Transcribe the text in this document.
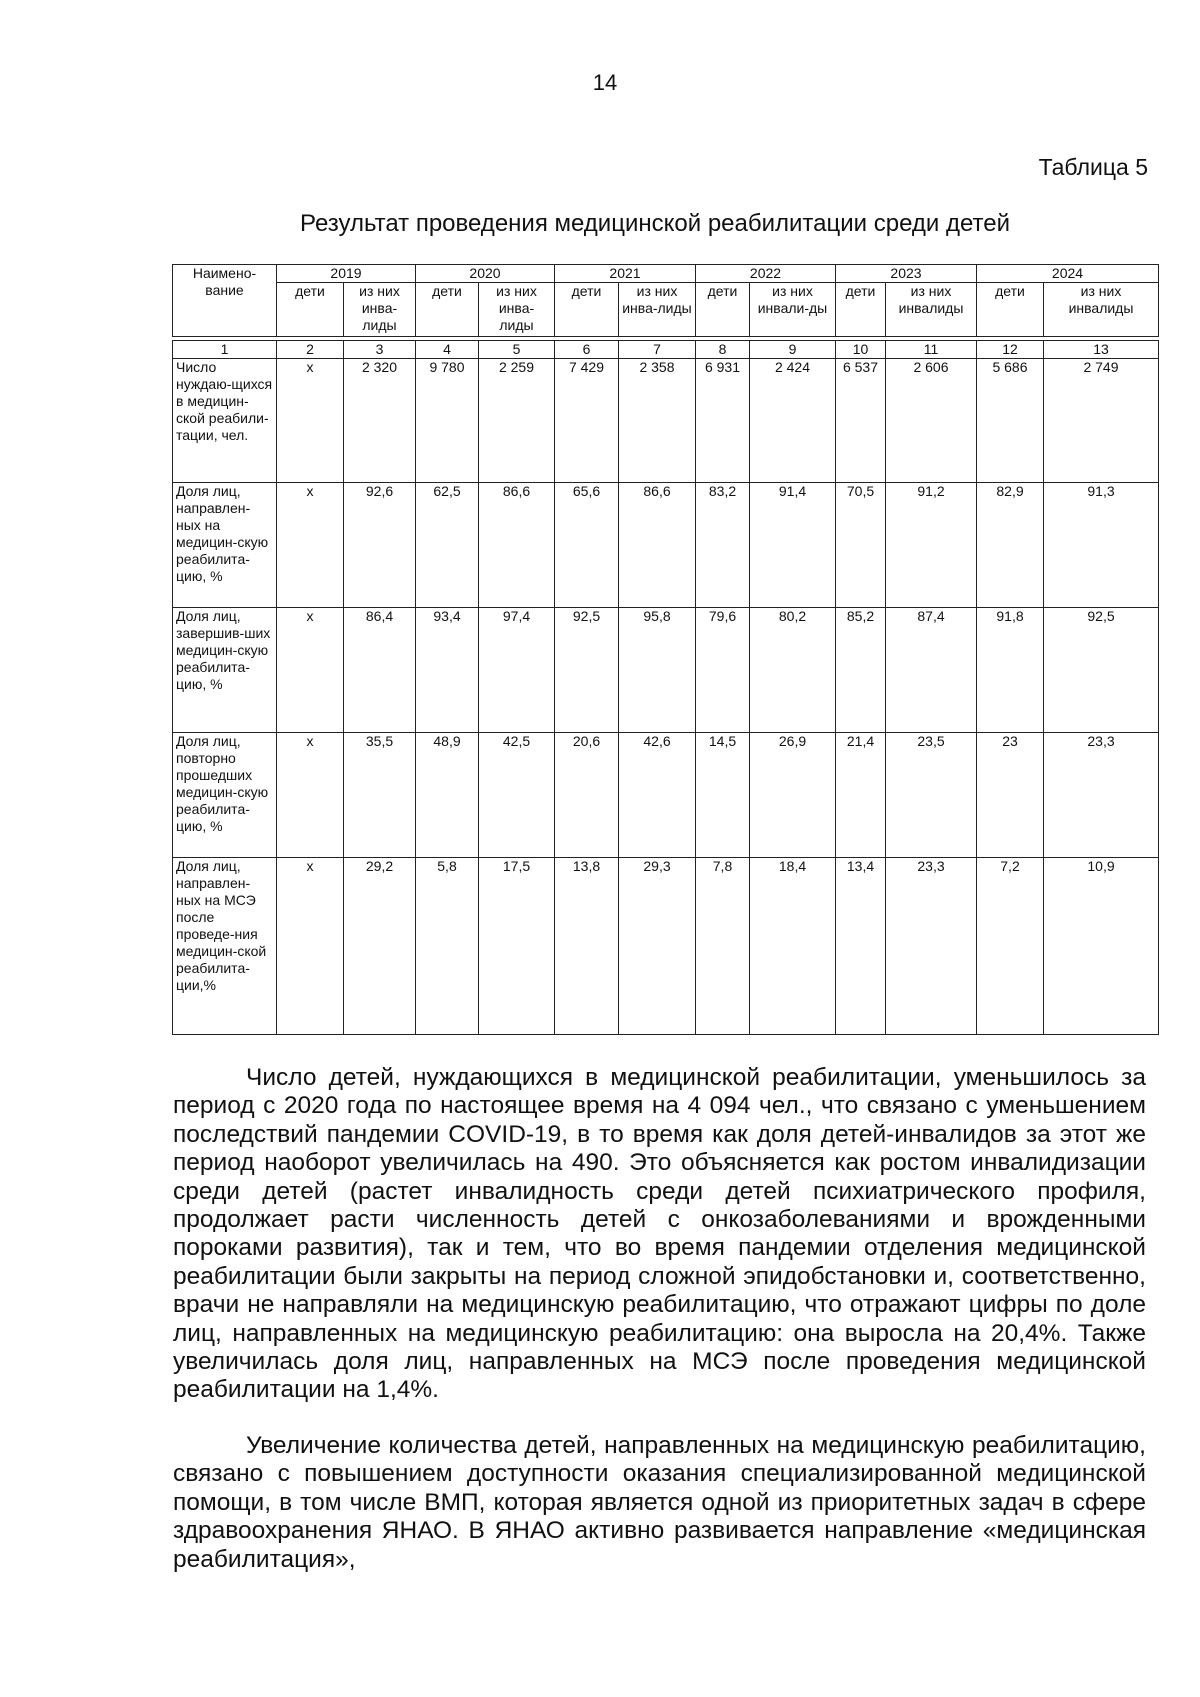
14
Таблица 5
Результат проведения медицинской реабилитации среди детей
Наимено-вание	2019		2020		2021		2022		2023		2024	
	дети	из них инва-лиды	дети	из них инва-лиды	дети	из них инва-лиды	дети	из них инвали-ды	дети	из них инвалиды	дети	из них инвалиды
1	2	3	4	5	6	7	8	9	10	11	12	13
Число нуждаю-щихся в медицин-ской реабили-тации, чел.	х	2 320	9 780	2 259	7 429	2 358	6 931	2 424	6 537	2 606	5 686	2 749
Доля лиц, направлен-ных на медицин-скую реабилита-цию, %	х	92,6	62,5	86,6	65,6	86,6	83,2	91,4	70,5	91,2	82,9	91,3
Доля лиц, завершив-ших медицин-скую реабилита-цию, %	х	86,4	93,4	97,4	92,5	95,8	79,6	80,2	85,2	87,4	91,8	92,5
Доля лиц, повторно прошедших медицин-скую реабилита-цию, %	х	35,5	48,9	42,5	20,6	42,6	14,5	26,9	21,4	23,5	23	23,3
Доля лиц, направлен-ных на МСЭ после проведе-ния медицин-ской реабилита-ции,%	х	29,2	5,8	17,5	13,8	29,3	7,8	18,4	13,4	23,3	7,2	10,9

Число детей, нуждающихся в медицинской реабилитации, уменьшилось за период с 2020 года по настоящее время на 4 094 чел., что связано с уменьшением последствий пандемии COVID-19, в то время как доля детей-инвалидов за этот же период наоборот увеличилась на 490. Это объясняется как ростом инвалидизации среди детей (растет инвалидность среди детей психиатрического профиля, продолжает расти численность детей с онкозаболеваниями и врожденными пороками развития), так и тем, что во время пандемии отделения медицинской реабилитации были закрыты на период сложной эпидобстановки и, соответственно, врачи не направляли на медицинскую реабилитацию, что отражают цифры по доле лиц, направленных на медицинскую реабилитацию: она выросла на 20,4%. Также увеличилась доля лиц, направленных на МСЭ после проведения медицинской реабилитации на 1,4%.

Увеличение количества детей, направленных на медицинскую реабилитацию, связано с повышением доступности оказания специализированной медицинской помощи, в том числе ВМП, которая является одной из приоритетных задач в сфере здравоохранения ЯНАО. В ЯНАО активно развивается направление «медицинская реабилитация»,
